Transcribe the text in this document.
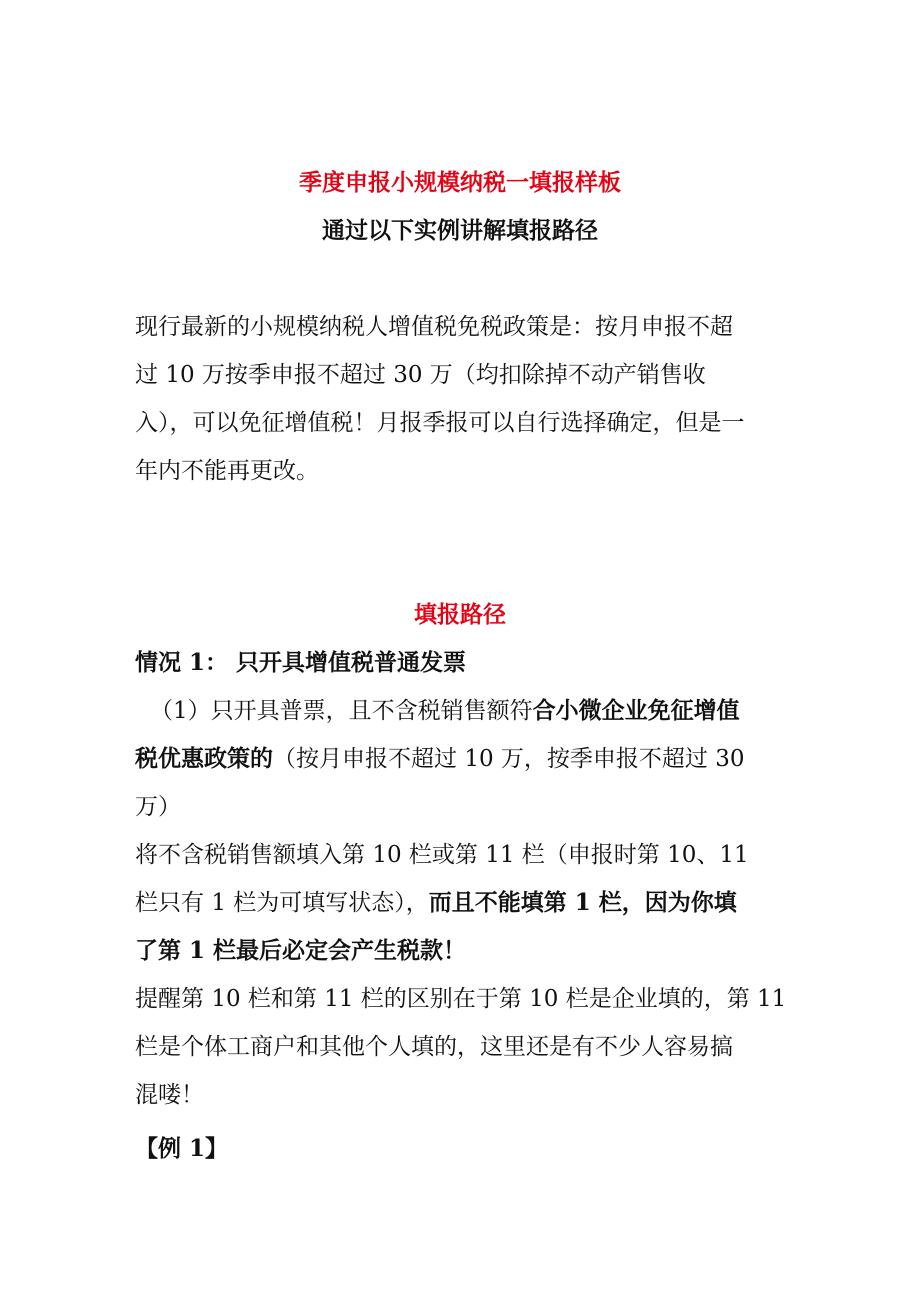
季度申报小规模纳税一填报样板
通过以下实例讲解填报路径
现行最新的小规模纳税人增值税免税政策是：按月申报不超
过 10 万按季申报不超过 30 万（均扣除掉不动产销售收
入），可以免征增值税！月报季报可以自行选择确定，但是一
年内不能再更改。
填报路径
情况 1： 只开具增值税普通发票
（1）只开具普票，且不含税销售额符合小微企业免征增值
税优惠政策的（按月申报不超过 10 万，按季申报不超过 30
万）
将不含税销售额填入第 10 栏或第 11 栏（申报时第 10、11
栏只有 1 栏为可填写状态），而且不能填第 1 栏，因为你填
了第 1 栏最后必定会产生税款！
提醒第 10 栏和第 11 栏的区别在于第 10 栏是企业填的，第 11
栏是个体工商户和其他个人填的，这里还是有不少人容易搞
混喽！
【例 1】
